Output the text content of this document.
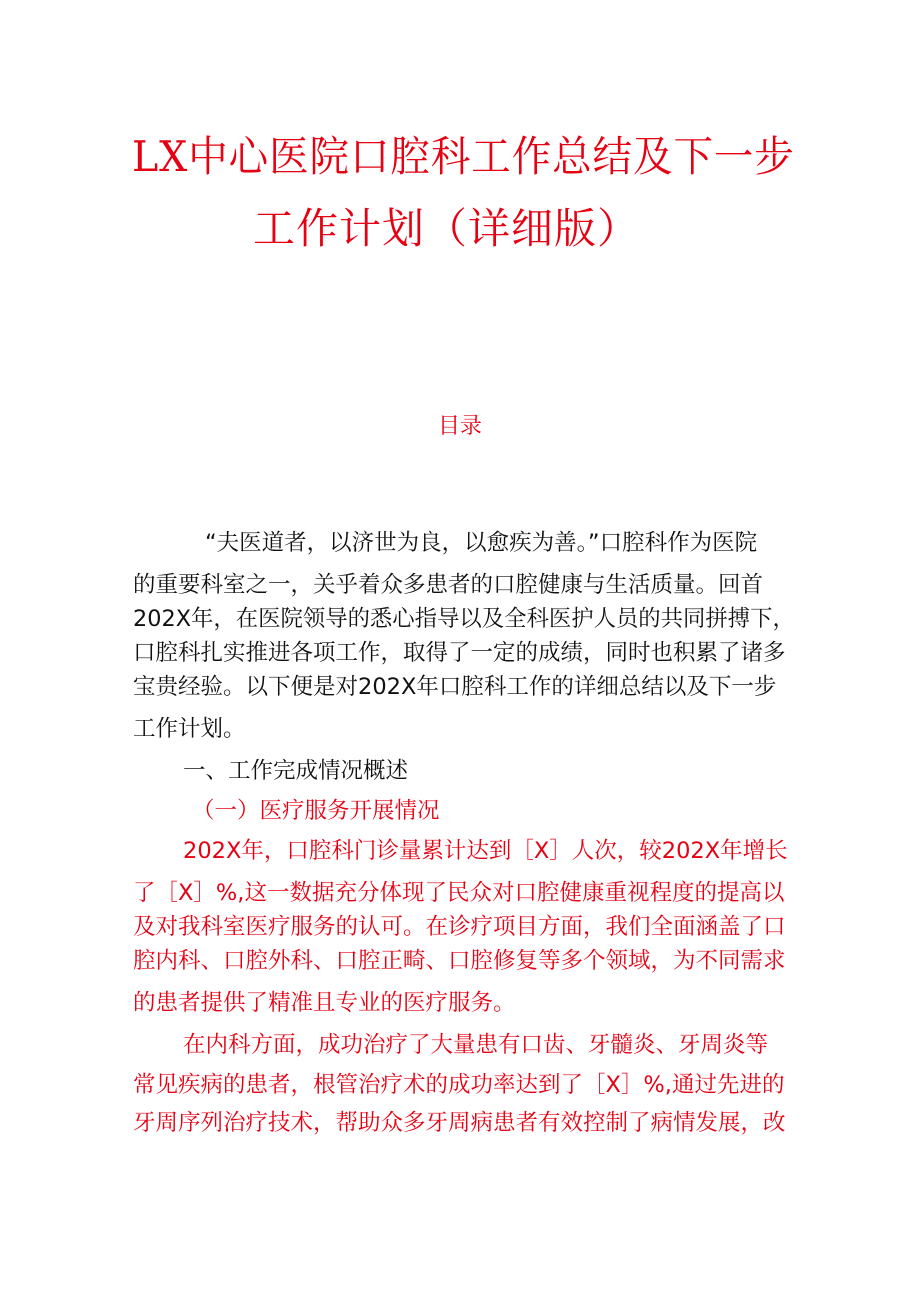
LX中心医院口腔科工作总结及下一步
工作计划（详细版）
目录
“夫医道者，以济世为良，以愈疾为善。”口腔科作为医院
的重要科室之一，关乎着众多患者的口腔健康与生活质量。回首
202X年，在医院领导的悉心指导以及全科医护人员的共同拼搏下，
口腔科扎实推进各项工作，取得了一定的成绩，同时也积累了诸多
宝贵经验。以下便是对202X年口腔科工作的详细总结以及下一步
工作计划。
一、工作完成情况概述
（一）医疗服务开展情况
202X年，口腔科门诊量累计达到［X］人次，较202X年增长
了［X］%,这一数据充分体现了民众对口腔健康重视程度的提高以
及对我科室医疗服务的认可。在诊疗项目方面，我们全面涵盖了口
腔内科、口腔外科、口腔正畸、口腔修复等多个领域，为不同需求
的患者提供了精准且专业的医疗服务。
在内科方面，成功治疗了大量患有口齿、牙髓炎、牙周炎等
常见疾病的患者，根管治疗术的成功率达到了［X］%,通过先进的
牙周序列治疗技术，帮助众多牙周病患者有效控制了病情发展，改
